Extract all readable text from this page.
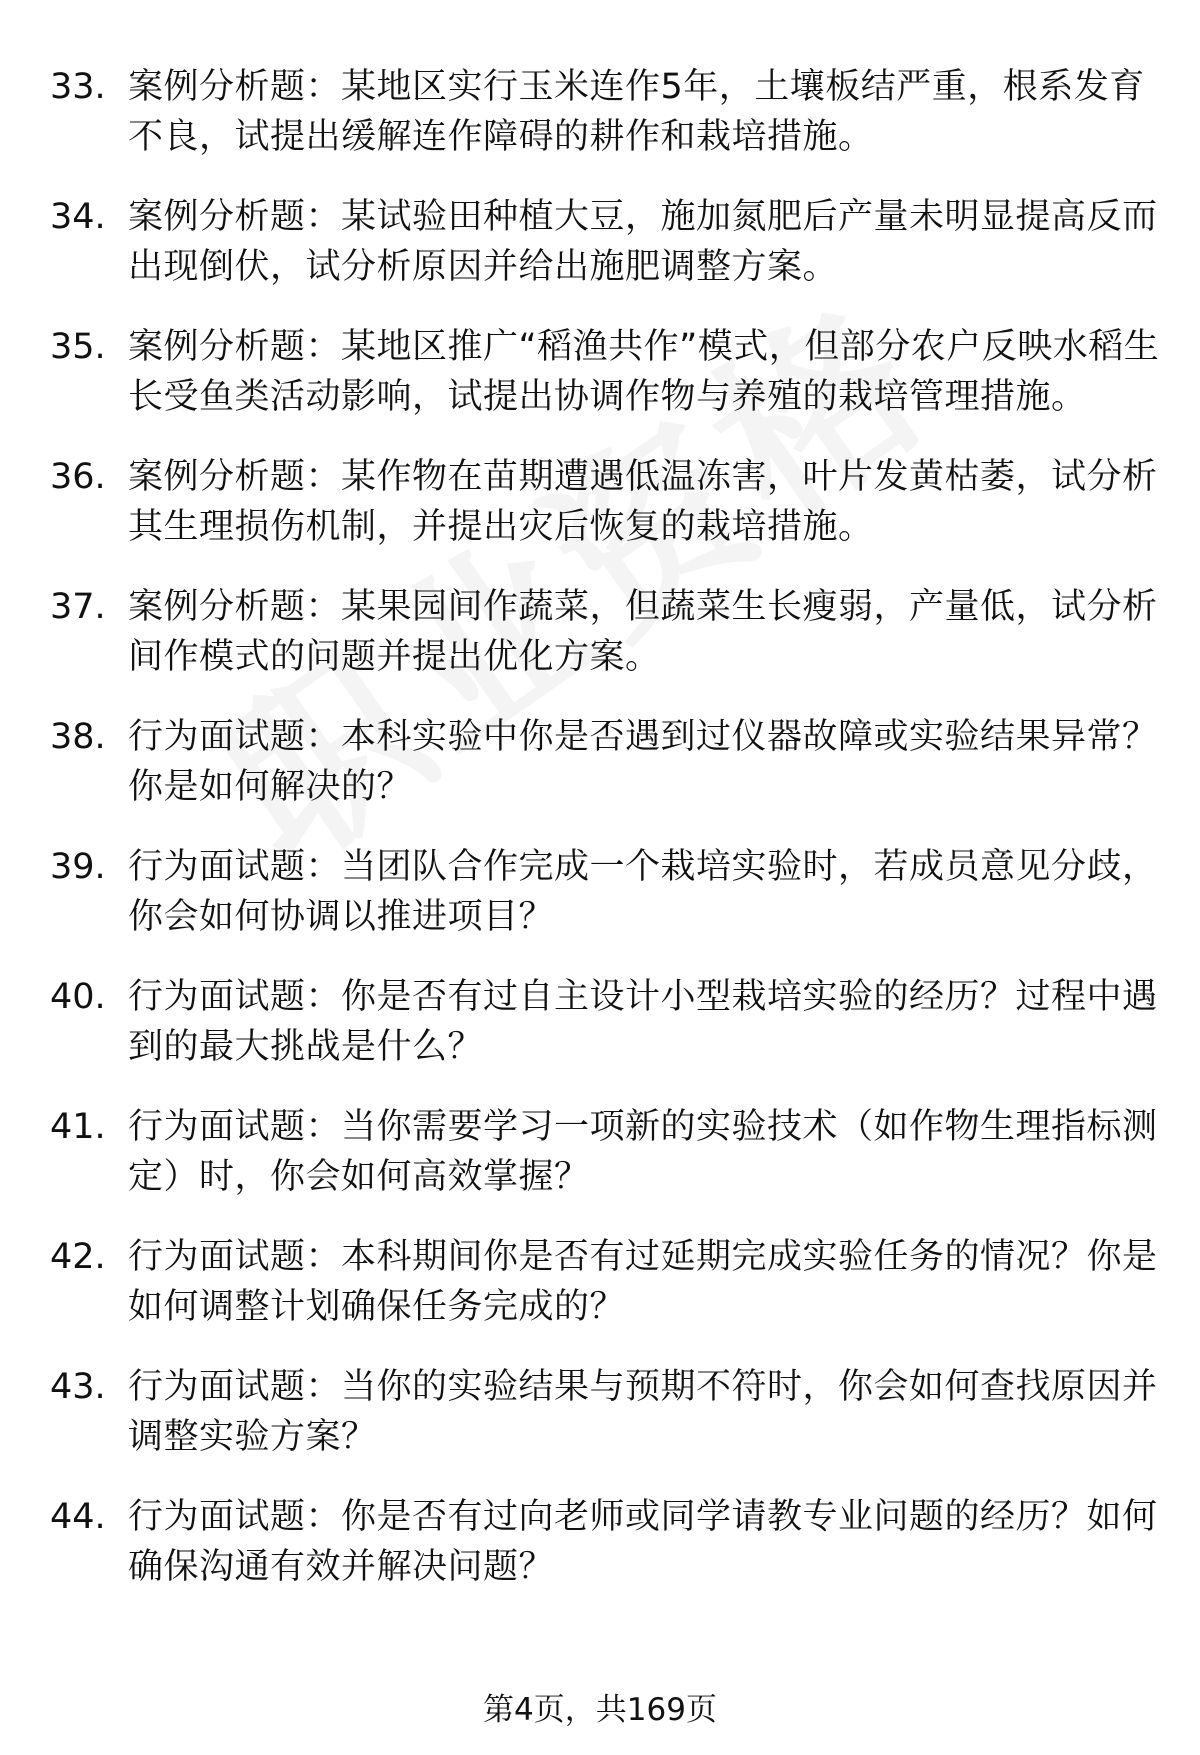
33. 案例分析题：某地区实行玉米连作5年，土壤板结严重，根系发育不良，试提出缓解连作障碍的耕作和栽培措施。
34. 案例分析题：某试验田种植大豆，施加氮肥后产量未明显提高反而出现倒伏，试分析原因并给出施肥调整方案。
35. 案例分析题：某地区推广“稻渔共作”模式，但部分农户反映水稻生长受鱼类活动影响，试提出协调作物与养殖的栽培管理措施。
36. 案例分析题：某作物在苗期遭遇低温冻害，叶片发黄枯萎，试分析其生理损伤机制，并提出灾后恢复的栽培措施。
37. 案例分析题：某果园间作蔬菜，但蔬菜生长瘦弱，产量低，试分析间作模式的问题并提出优化方案。
38. 行为面试题：本科实验中你是否遇到过仪器故障或实验结果异常？你是如何解决的？
39. 行为面试题：当团队合作完成一个栽培实验时，若成员意见分歧，你会如何协调以推进项目？
40. 行为面试题：你是否有过自主设计小型栽培实验的经历？过程中遇到的最大挑战是什么？
41. 行为面试题：当你需要学习一项新的实验技术（如作物生理指标测定）时，你会如何高效掌握？
42. 行为面试题：本科期间你是否有过延期完成实验任务的情况？你是如何调整计划确保任务完成的？
43. 行为面试题：当你的实验结果与预期不符时，你会如何查找原因并调整实验方案？
44. 行为面试题：你是否有过向老师或同学请教专业问题的经历？如何确保沟通有效并解决问题？
第4页，共169页
